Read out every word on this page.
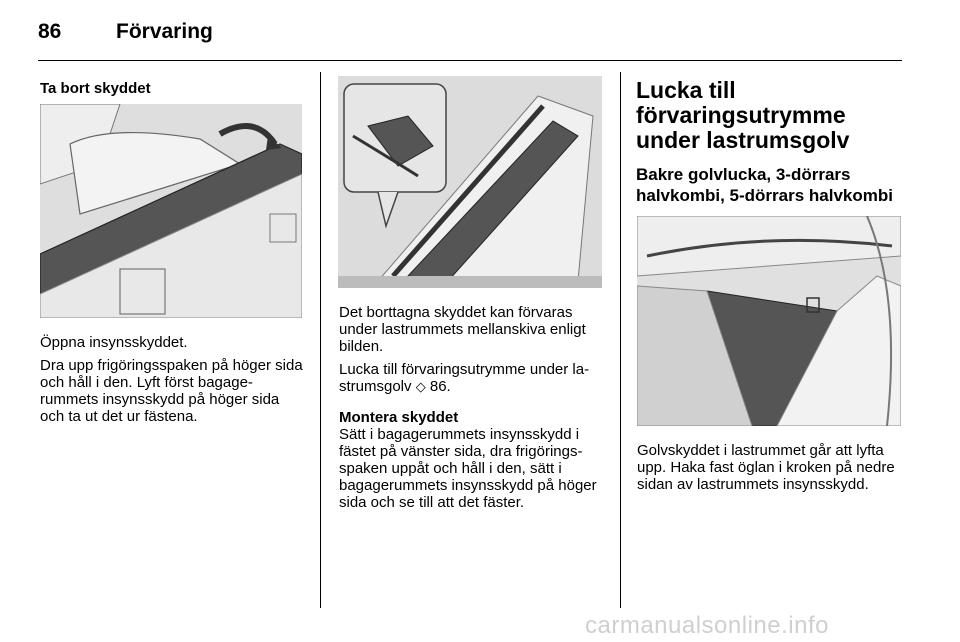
86	Förvaring
Ta bort skyddet

Öppna insynsskyddet.

Dra upp frigöringsspaken på höger sida och håll i den. Lyft först bagagerummets insynsskydd på höger sida och ta ut det ur fästena.

Det borttagna skyddet kan förvaras under lastrummets mellanskiva enligt bilden.

Lucka till förvaringsutrymme under lastrumsgolv ◇ 86.

Montera skyddet

Sätt i bagagerummets insynsskydd i fästet på vänster sida, dra frigöringsspaken uppåt och håll i den, sätt i bagagerummets insynsskydd på höger sida och se till att det fäster.

Lucka till förvaringsutrymme under lastrumsgolv
Bakre golvlucka, 3-dörrars halvkombi, 5-dörrars halvkombi

Golvskyddet i lastrummet går att lyfta upp. Haka fast öglan i kroken på nedre sidan av lastrummets insynsskydd.

carmanualsonline.info
